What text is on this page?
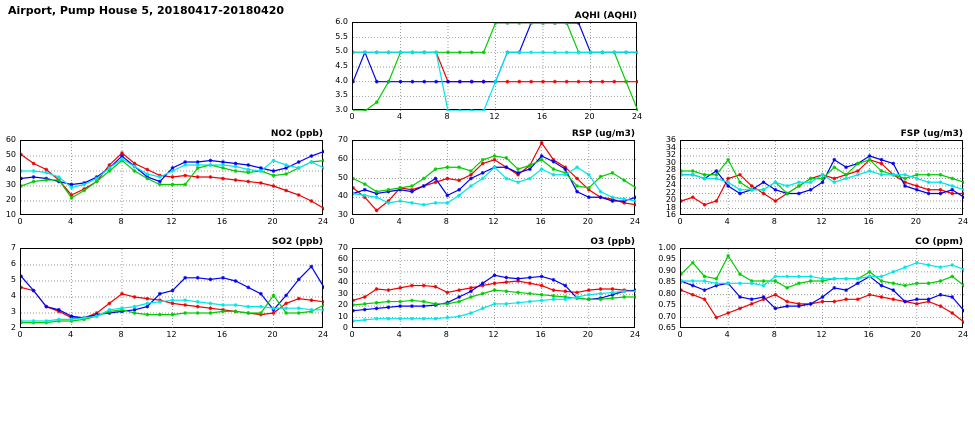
Airport, Pump House 5, 20180417-20180420	AQHI (AQHI)
0	4	8	12	16	20	24
3.0
3.5
4.0
4.5
5.0
5.5
6.0
NO2 (ppb)
0	4	8	12	16	20	24
10
20
30
40
50
60
RSP (ug/m3)
0	4	8	12	16	20	24
30
40
50
60
70
FSP (ug/m3)
0	4	8	12	16	20	24
16
18
20
22
24
26
28
30
32
34
36
SO2 (ppb)
0	4	8	12	16	20	24
2
3
4
5
6
7
O3 (ppb)
0	4	8	12	16	20	24
0
10
20
30
40
50
60
70
CO (ppm)
0	4	8	12	16	20	24
0.65
0.70
0.75
0.80
0.85
0.90
0.95
1.00
